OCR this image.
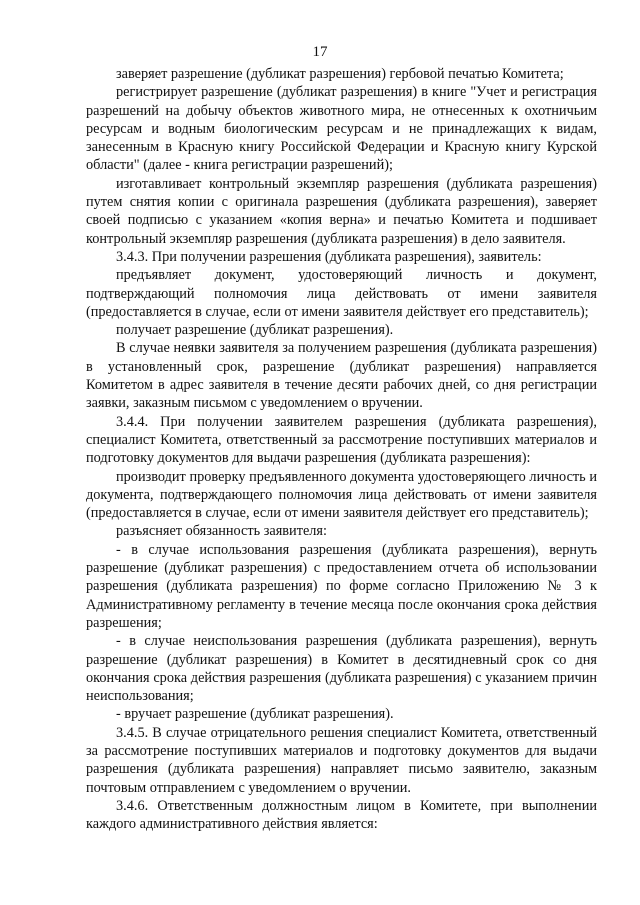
17

заверяет разрешение (дубликат разрешения) гербовой печатью Комитета;

регистрирует разрешение (дубликат разрешения) в книге "Учет и регистрация разрешений на добычу объектов животного мира, не отнесенных к охотничьим ресурсам и водным биологическим ресурсам и не принадлежащих к видам, занесенным в Красную книгу Российской Федерации и Красную книгу Курской области" (далее - книга регистрации разрешений);

изготавливает контрольный экземпляр разрешения (дубликата разрешения) путем снятия копии с оригинала разрешения (дубликата разрешения), заверяет своей подписью с указанием «копия верна» и печатью Комитета и подшивает контрольный экземпляр разрешения (дубликата разрешения) в дело заявителя.

3.4.3. При получении разрешения (дубликата разрешения), заявитель:

предъявляет документ, удостоверяющий личность и документ, подтверждающий полномочия лица действовать от имени заявителя (предоставляется в случае, если от имени заявителя действует его представитель);

получает разрешение (дубликат разрешения).

В случае неявки заявителя за получением разрешения (дубликата разрешения) в установленный срок, разрешение (дубликат разрешения) направляется Комитетом в адрес заявителя в течение десяти рабочих дней, со дня регистрации заявки, заказным письмом с уведомлением о вручении.

3.4.4. При получении заявителем разрешения (дубликата разрешения), специалист Комитета, ответственный за рассмотрение поступивших материалов и подготовку документов для выдачи разрешения (дубликата разрешения):

производит проверку предъявленного документа удостоверяющего личность и документа, подтверждающего полномочия лица действовать от имени заявителя (предоставляется в случае, если от имени заявителя действует его представитель);

разъясняет обязанность заявителя:

- в случае использования разрешения (дубликата разрешения), вернуть разрешение (дубликат разрешения) с предоставлением отчета об использовании разрешения (дубликата разрешения) по форме согласно Приложению № 3 к Административному регламенту в течение месяца после окончания срока действия разрешения;

- в случае неиспользования разрешения (дубликата разрешения), вернуть разрешение (дубликат разрешения) в Комитет в десятидневный срок со дня окончания срока действия разрешения (дубликата разрешения) с указанием причин неиспользования;

- вручает разрешение (дубликат разрешения).

3.4.5. В случае отрицательного решения специалист Комитета, ответственный за рассмотрение поступивших материалов и подготовку документов для выдачи разрешения (дубликата разрешения) направляет письмо заявителю, заказным почтовым отправлением с уведомлением о вручении.

3.4.6. Ответственным должностным лицом в Комитете, при выполнении каждого административного действия является:
